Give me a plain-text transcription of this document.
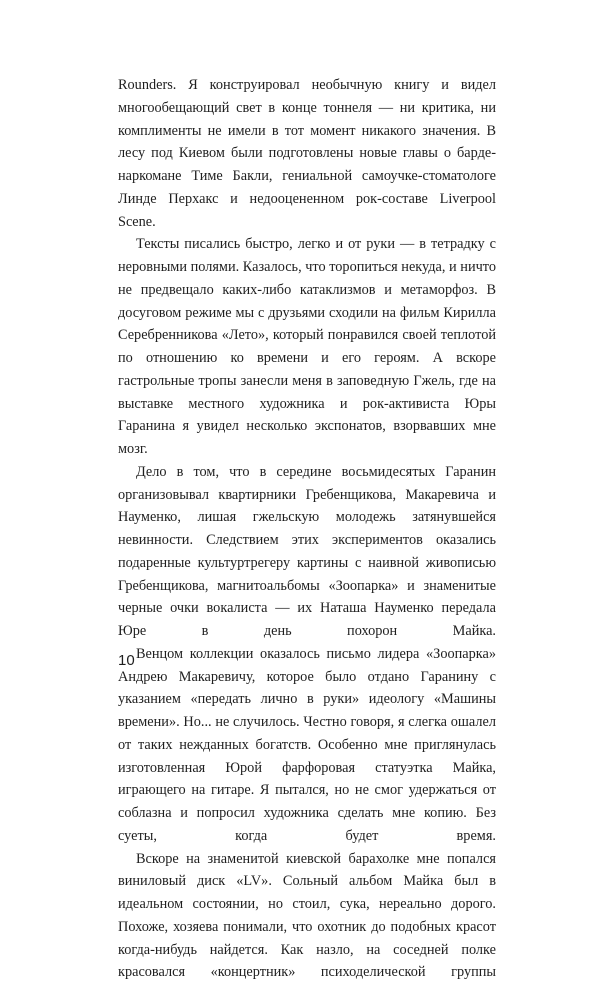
Rounders. Я конструировал необычную книгу и видел многообещающий свет в конце тоннеля — ни критика, ни комплименты не имели в тот момент никакого значения. В лесу под Киевом были подготовлены новые главы о барде-наркомане Тиме Бакли, гениальной самоучке-стоматологе Линде Перхакс и недооцененном рок-составе Liverpool Scene.

Тексты писались быстро, легко и от руки — в тетрадку с неровными полями. Казалось, что торопиться некуда, и ничто не предвещало каких-либо катаклизмов и метаморфоз. В досуговом режиме мы с друзьями сходили на фильм Кирилла Серебренникова «Лето», который понравился своей теплотой по отношению ко времени и его героям. А вскоре гастрольные тропы занесли меня в заповедную Гжель, где на выставке местного художника и рок-активиста Юры Гаранина я увидел несколько экспонатов, взорвавших мне мозг.

Дело в том, что в середине восьмидесятых Гаранин организовывал квартирники Гребенщикова, Макаревича и Науменко, лишая гжельскую молодежь затянувшейся невинности. Следствием этих экспериментов оказались подаренные культуртрегеру картины с наивной живописью Гребенщикова, магнитоальбомы «Зоопарка» и знаменитые черные очки вокалиста — их Наташа Науменко передала Юре в день похорон Майка.

Венцом коллекции оказалось письмо лидера «Зоопарка» Андрею Макаревичу, которое было отдано Гаранину с указанием «передать лично в руки» идеологу «Машины времени». Но... не случилось. Честно говоря, я слегка ошалел от таких нежданных богатств. Особенно мне приглянулась изготовленная Юрой фарфоровая статуэтка Майка, играющего на гитаре. Я пытался, но не смог удержаться от соблазна и попросил художника сделать мне копию. Без суеты, когда будет время.

Вскоре на знаменитой киевской барахолке мне попался виниловый диск «LV». Сольный альбом Майка был в идеальном состоянии, но стоил, сука, нереально дорого. Похоже, хозяева понимали, что охотник до подобных красот когда-нибудь найдется. Как назло, на соседней полке красовался «концертник» психоделической группы

10
